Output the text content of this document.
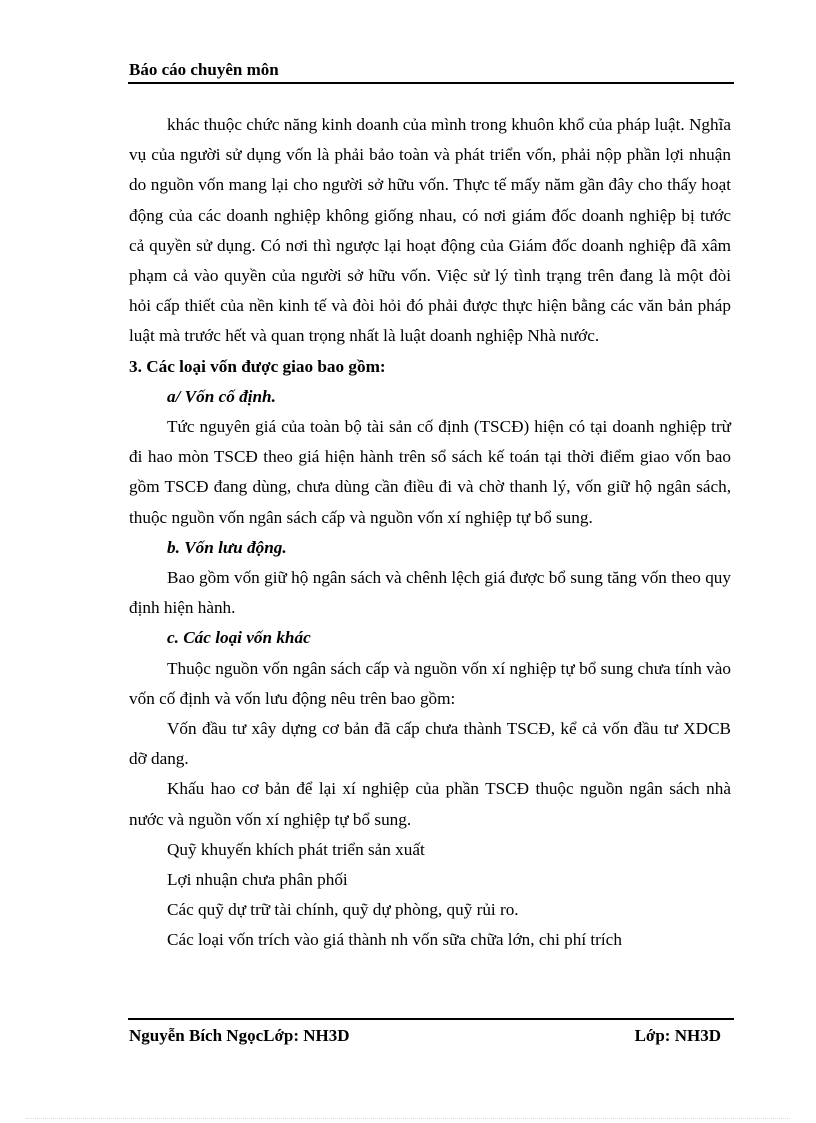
Báo cáo chuyên môn

khác thuộc chức năng kinh doanh của mình trong khuôn khổ của pháp luật. Nghĩa vụ của người sử dụng vốn là phải bảo toàn và phát triển vốn, phải nộp phần lợi nhuận do nguồn vốn mang lại cho người sở hữu vốn. Thực tế mấy năm gần đây cho thấy hoạt động của các doanh nghiệp không giống nhau, có nơi giám đốc doanh nghiệp bị tước cả quyền sử dụng. Có nơi thì ngược lại hoạt động của Giám đốc doanh nghiệp đã xâm phạm cả vào quyền của người sở hữu vốn. Việc sử lý tình trạng trên đang là một đòi hỏi cấp thiết của nền kinh tế và đòi hỏi đó phải được thực hiện bằng các văn bản pháp luật mà trước hết và quan trọng nhất là luật doanh nghiệp Nhà nước.

3. Các loại vốn được giao bao gồm:

a/ Vốn cố định.

Tức nguyên giá của toàn bộ tài sản cố định (TSCĐ) hiện có tại doanh nghiệp trừ đi hao mòn TSCĐ theo giá hiện hành trên sổ sách kế toán tại thời điểm giao vốn bao gồm TSCĐ đang dùng, chưa dùng cần điều đi và chờ thanh lý, vốn giữ hộ ngân sách, thuộc nguồn vốn ngân sách cấp và nguồn vốn xí nghiệp tự bổ sung.

b. Vốn lưu động.

Bao gồm vốn giữ hộ ngân sách và chênh lệch giá được bổ sung tăng vốn theo quy định hiện hành.

c. Các loại vốn khác

Thuộc nguồn vốn ngân sách cấp và nguồn vốn xí nghiệp tự bổ sung chưa tính vào vốn cố định và vốn lưu động nêu trên bao gồm:

Vốn đầu tư xây dựng cơ bản đã cấp chưa thành TSCĐ, kể cả vốn đầu tư XDCB dỡ dang.

Khấu hao cơ bản để lại xí nghiệp của phần TSCĐ thuộc nguồn ngân sách nhà nước và nguồn vốn xí nghiệp tự bổ sung.

Quỹ khuyến khích phát triển sản xuất

Lợi nhuận chưa phân phối

Các quỹ dự trữ tài chính, quỹ dự phòng, quỹ rủi ro.

Các loại vốn trích vào giá thành nh vốn sữa chữa lớn, chi phí trích

Nguyễn Bích NgọcLớp: NH3D	Lớp: NH3D
